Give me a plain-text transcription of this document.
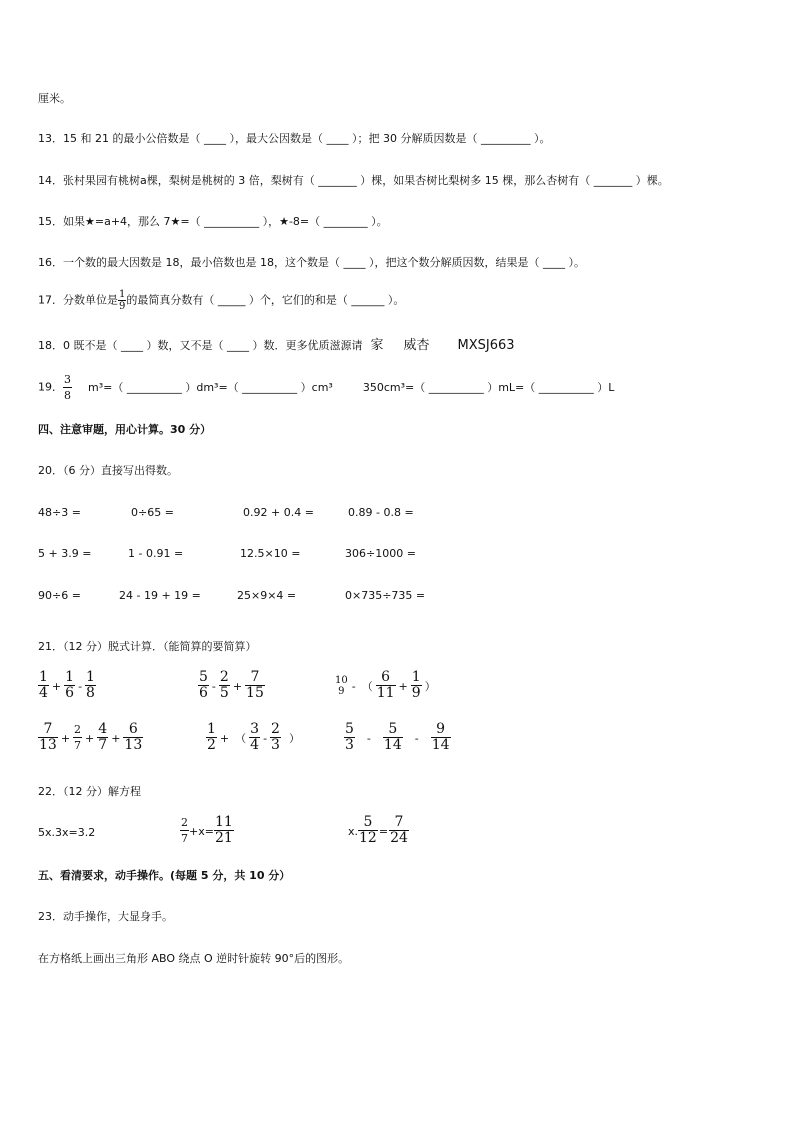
厘米。
13．15 和 21 的最小公倍数是（ ____ ），最大公因数是（ ____ ）；把 30 分解质因数是（ _________ ）。
14．张村果园有桃树a棵，梨树是桃树的 3 倍，梨树有（ _______ ）棵，如果杏树比梨树多 15 棵，那么杏树有（ _______ ）棵。
15．如果★=a+4，那么 7★=（ __________ ），★-8=（ ________ ）。
16．一个数的最大因数是 18，最小倍数也是 18，这个数是（ ____ ），把这个数分解质因数，结果是（ ____ ）。
17．分数单位是 $\frac{1}{9}$ 的最简真分数有（ _____ ）个，它们的和是（ ______ ）。
18．0 既不是（ ____ ）数，又不是（ ____ ）数．更多优质滋源请 家 威杏 MXSJ663
19． $\frac{3}{8} m^3=$（ __________ ）dm³=（ __________ ）cm³	350cm³=（ __________ ）mL=（ __________ ）L
四、注意审题，用心计算。30 分）
20．（6 分）直接写出得数。
48÷3 =	0÷65 =	0.92 + 0.4 =	0.89 - 0.8 =
5 + 3.9 =	1 - 0.91 =	12.5×10 =	306÷1000 =
90÷6 =	24 - 19 + 19 =	25×9×4 =	0×735÷735 =
21．（12 分）脱式计算．（能简算的要简算）
$\frac{1}{4} + \frac{1}{6} - \frac{1}{8}$	$\frac{5}{6} - \frac{2}{5} + \frac{7}{15}$	10
9 - （ $\frac{6}{11} + \frac{1}{9}$ ）
$\frac{7}{13} + \frac{2}{7} + \frac{4}{7} + \frac{6}{13}$	$\frac{1}{2}$ + （ $\frac{3}{4} - \frac{2}{3}$ ）	$\frac{5}{3} - \frac{5}{14} - \frac{9}{14}$
22．（12 分）解方程
5x.3x=3.2	$\frac{2}{7} +x= \frac{11}{21}$	x. $\frac{5}{12} = \frac{7}{24}$
五、看清要求，动手操作。(每题 5 分，共 10 分）
23．动手操作，大显身手。
在方格纸上画出三角形 ABO 绕点 O 逆时针旋转 90°后的图形。
